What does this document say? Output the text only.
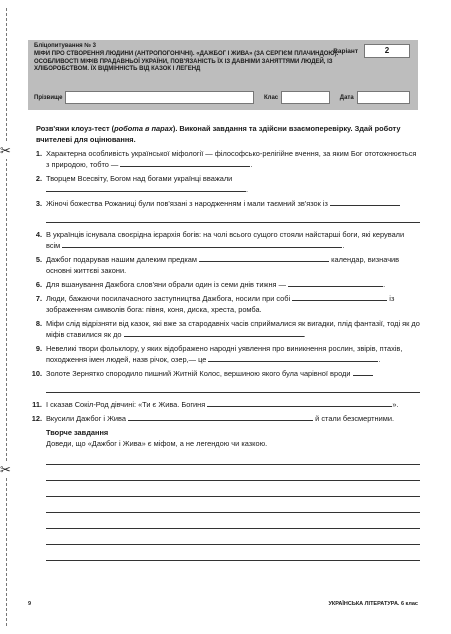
✂
✂
Бліцопитування № 3
МІФИ ПРО СТВОРЕННЯ ЛЮДИНИ (АНТРОПОГОНІЧНІ). «ДАЖБОГ І ЖИВА» (ЗА СЕРГІЄМ ПЛАЧИНДОЮ). ОСОБЛИВОСТІ МІФІВ ПРАДАВНЬОЇ УКРАЇНИ, ПОВ'ЯЗАНІСТЬ ЇХ ІЗ ДАВНІМИ ЗАНЯТТЯМИ ЛЮДЕЙ, ІЗ ХЛІБОРОБСТВОМ. ЇХ ВІДМІННІСТЬ ВІД КАЗОК І ЛЕГЕНД
Варіант	2
Прізвище	Клас	Дата
Розв'яжи клоуз-тест (робота в парах). Виконай завдання та здійсни взаємоперевірку. Здай роботу вчителеві для оцінювання.
1. Характерна особливість української міфології — філософсько-релігійне вчення, за яким Бог ототожнюється з природою, тобто —	.
2. Творцем Всесвіту, Богом над богами українці вважали .
3. Жіночі божества Рожаниці були пов'язані з народженням і мали таємний зв'язок із
4. В українців існувала своєрідна ієрархія богів: на чолі всього сущого стояли найстарші боги, які керували всім	.
5. Дажбог подарував нашим далеким предкам	календар, визначив основні життєві закони.
6. Для вшанування Дажбога слов'яни обрали один із семи днів тижня —	.
7. Люди, бажаючи посилачасного заступництва Дажбога, носили при собі	із зображенням символів бога: півня, коня, диска, хреста, ромба.
8. Міфи слід відрізняти від казок, які вже за стародавніх часів сприймалися як вигадки, плід фантазії, тоді як до міфів ставилися як до	.
9. Невеликі твори фольклору, у яких відображено народні уявлення про виникнення рослин, звірів, птахів, походження імен людей, назв річок, озер,— це	.
10. Золоте Зернятко спородило пишний Житній Колос, вершиною якого була чарівної вроди
11. І сказав Сокіл-Род дівчині: «Ти є Жива. Богиня	».
12. Вкусили Дажбог і Жива	й стали безсмертними.
Творче завдання
Доведи, що «Дажбог і Жива» є міфом, а не легендою чи казкою.
9	УКРАЇНСЬКА ЛІТЕРАТУРА. 6 клас
